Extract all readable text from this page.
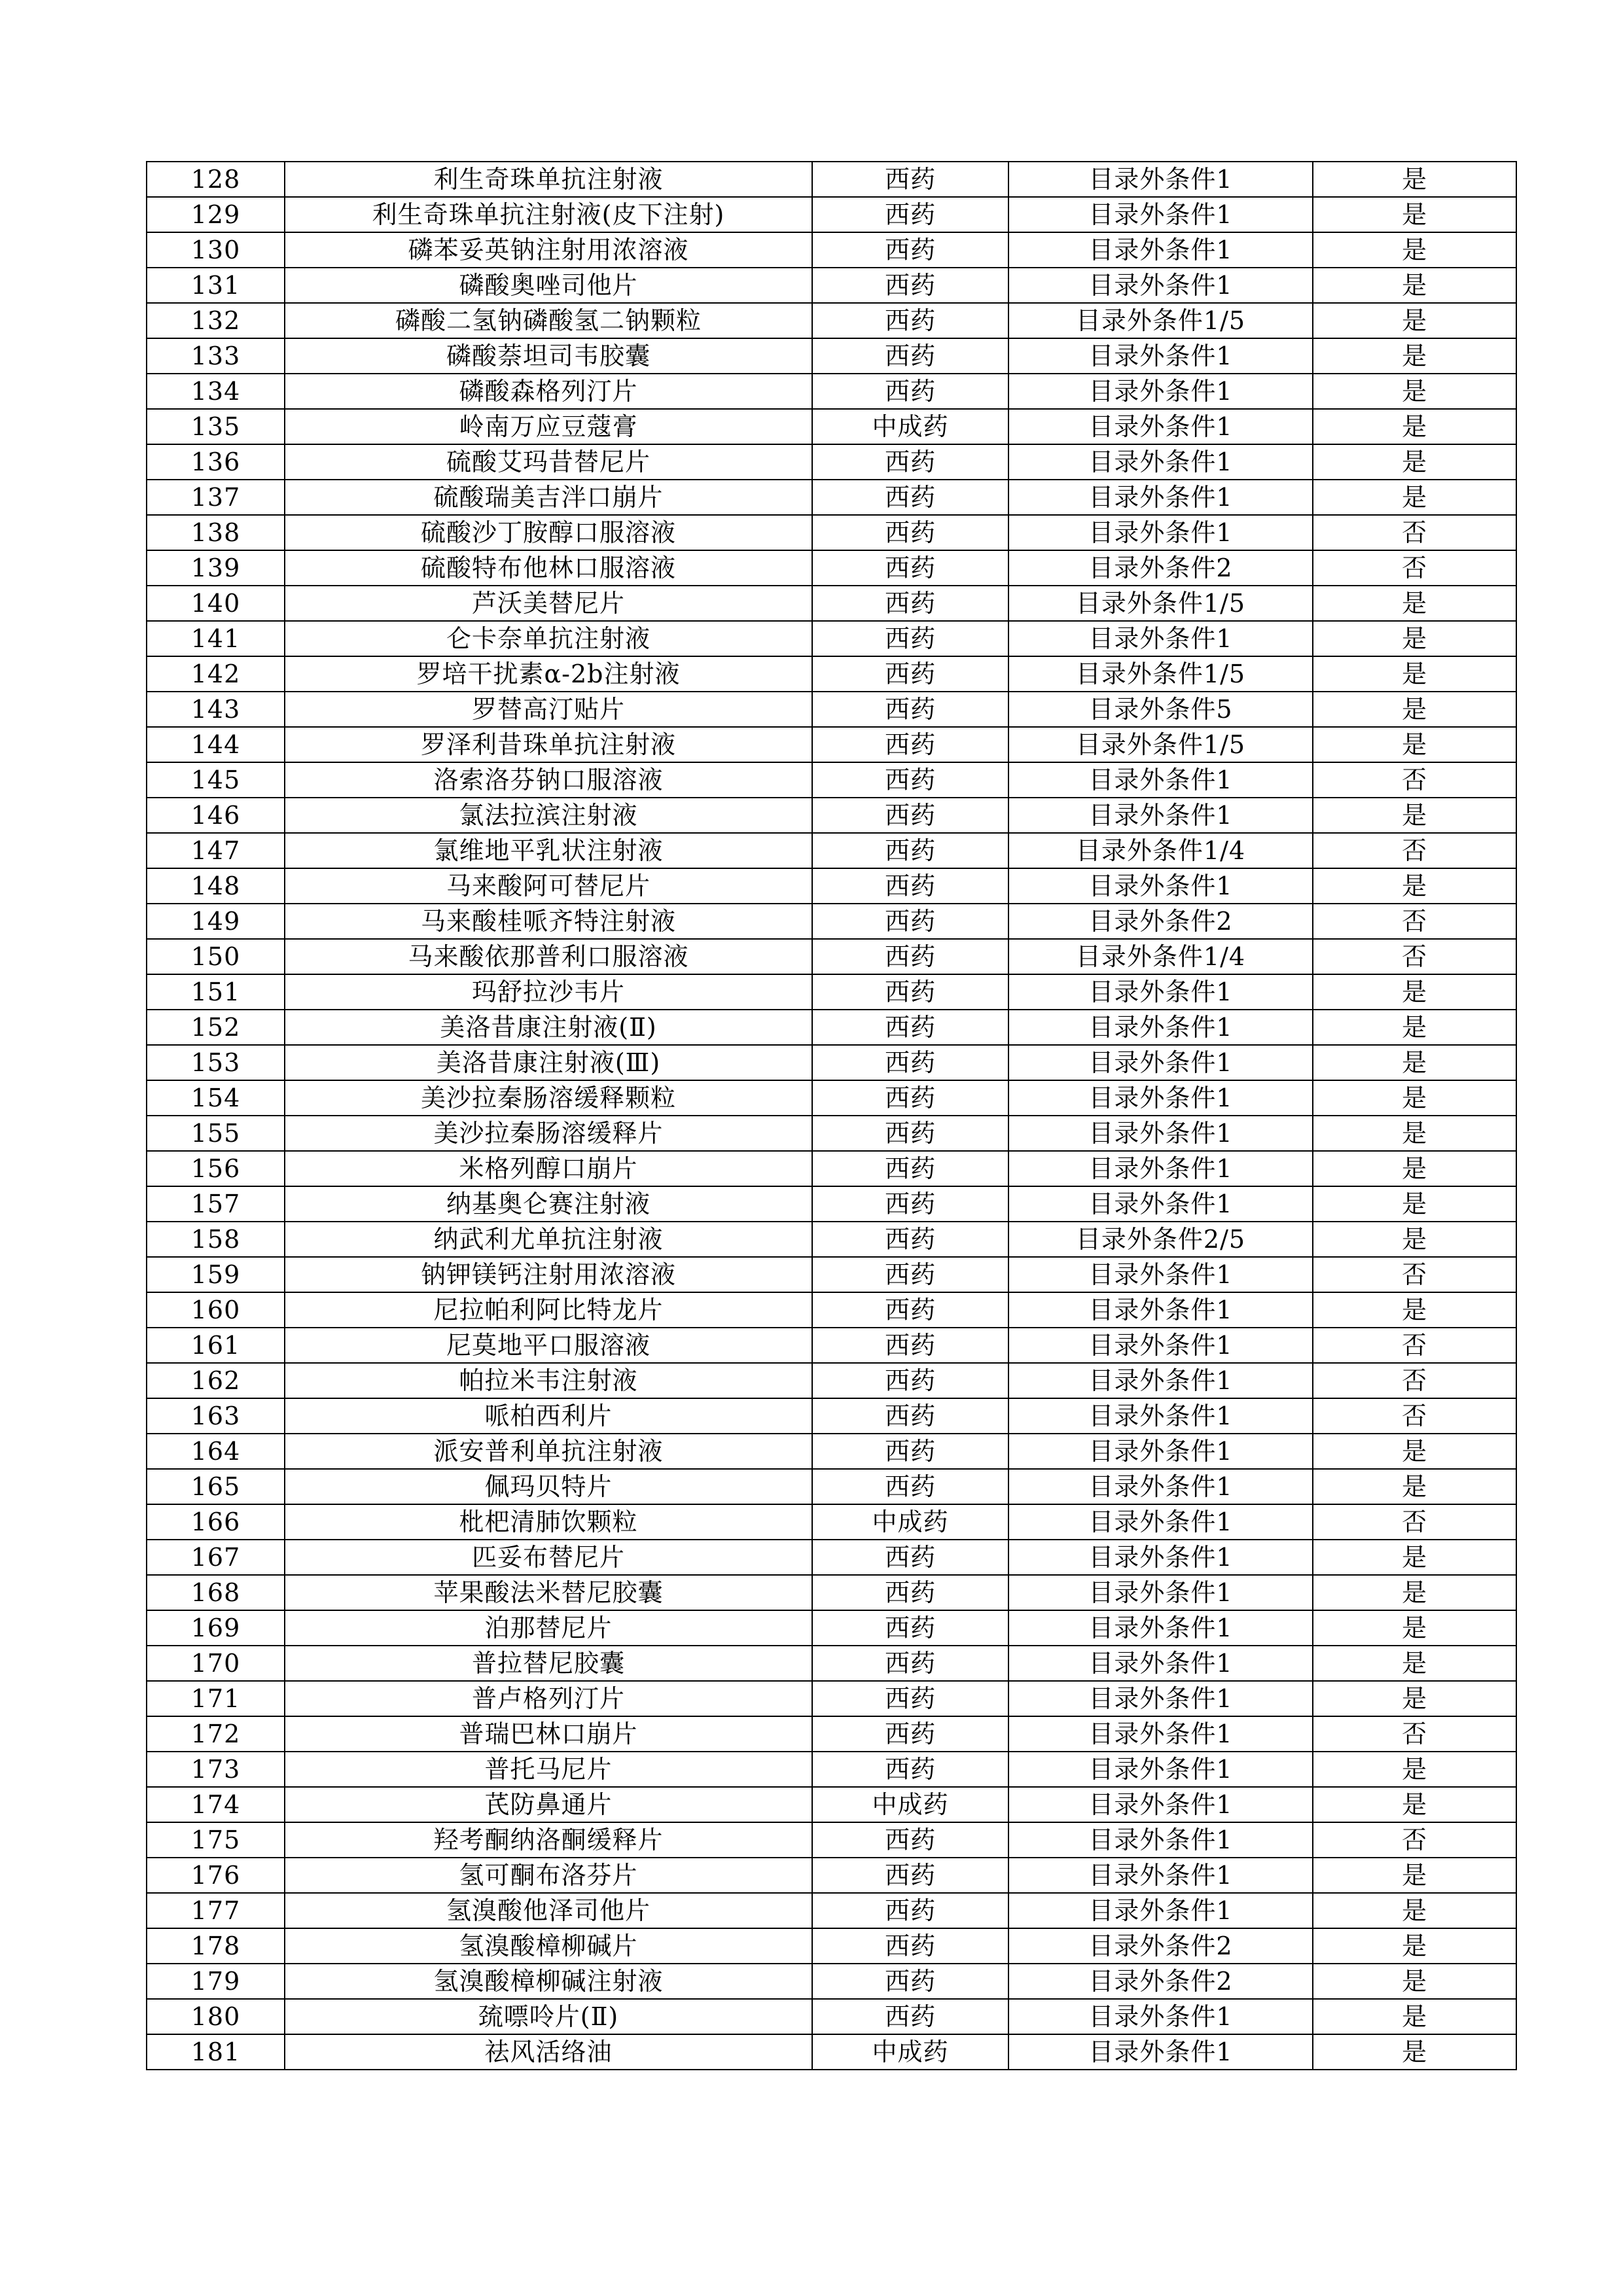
128	利生奇珠单抗注射液	西药	目录外条件1	是
129	利生奇珠单抗注射液(皮下注射)	西药	目录外条件1	是
130	磷苯妥英钠注射用浓溶液	西药	目录外条件1	是
131	磷酸奥唑司他片	西药	目录外条件1	是
132	磷酸二氢钠磷酸氢二钠颗粒	西药	目录外条件1/5	是
133	磷酸萘坦司韦胶囊	西药	目录外条件1	是
134	磷酸森格列汀片	西药	目录外条件1	是
135	岭南万应豆蔻膏	中成药	目录外条件1	是
136	硫酸艾玛昔替尼片	西药	目录外条件1	是
137	硫酸瑞美吉泮口崩片	西药	目录外条件1	是
138	硫酸沙丁胺醇口服溶液	西药	目录外条件1	否
139	硫酸特布他林口服溶液	西药	目录外条件2	否
140	芦沃美替尼片	西药	目录外条件1/5	是
141	仑卡奈单抗注射液	西药	目录外条件1	是
142	罗培干扰素α-2b注射液	西药	目录外条件1/5	是
143	罗替高汀贴片	西药	目录外条件5	是
144	罗泽利昔珠单抗注射液	西药	目录外条件1/5	是
145	洛索洛芬钠口服溶液	西药	目录外条件1	否
146	氯法拉滨注射液	西药	目录外条件1	是
147	氯维地平乳状注射液	西药	目录外条件1/4	否
148	马来酸阿可替尼片	西药	目录外条件1	是
149	马来酸桂哌齐特注射液	西药	目录外条件2	否
150	马来酸依那普利口服溶液	西药	目录外条件1/4	否
151	玛舒拉沙韦片	西药	目录外条件1	是
152	美洛昔康注射液(Ⅱ)	西药	目录外条件1	是
153	美洛昔康注射液(Ⅲ)	西药	目录外条件1	是
154	美沙拉秦肠溶缓释颗粒	西药	目录外条件1	是
155	美沙拉秦肠溶缓释片	西药	目录外条件1	是
156	米格列醇口崩片	西药	目录外条件1	是
157	纳基奥仑赛注射液	西药	目录外条件1	是
158	纳武利尤单抗注射液	西药	目录外条件2/5	是
159	钠钾镁钙注射用浓溶液	西药	目录外条件1	否
160	尼拉帕利阿比特龙片	西药	目录外条件1	是
161	尼莫地平口服溶液	西药	目录外条件1	否
162	帕拉米韦注射液	西药	目录外条件1	否
163	哌柏西利片	西药	目录外条件1	否
164	派安普利单抗注射液	西药	目录外条件1	是
165	佩玛贝特片	西药	目录外条件1	是
166	枇杷清肺饮颗粒	中成药	目录外条件1	否
167	匹妥布替尼片	西药	目录外条件1	是
168	苹果酸法米替尼胶囊	西药	目录外条件1	是
169	泊那替尼片	西药	目录外条件1	是
170	普拉替尼胶囊	西药	目录外条件1	是
171	普卢格列汀片	西药	目录外条件1	是
172	普瑞巴林口崩片	西药	目录外条件1	否
173	普托马尼片	西药	目录外条件1	是
174	芪防鼻通片	中成药	目录外条件1	是
175	羟考酮纳洛酮缓释片	西药	目录外条件1	否
176	氢可酮布洛芬片	西药	目录外条件1	是
177	氢溴酸他泽司他片	西药	目录外条件1	是
178	氢溴酸樟柳碱片	西药	目录外条件2	是
179	氢溴酸樟柳碱注射液	西药	目录外条件2	是
180	巯嘌呤片(Ⅱ)	西药	目录外条件1	是
181	祛风活络油	中成药	目录外条件1	是
